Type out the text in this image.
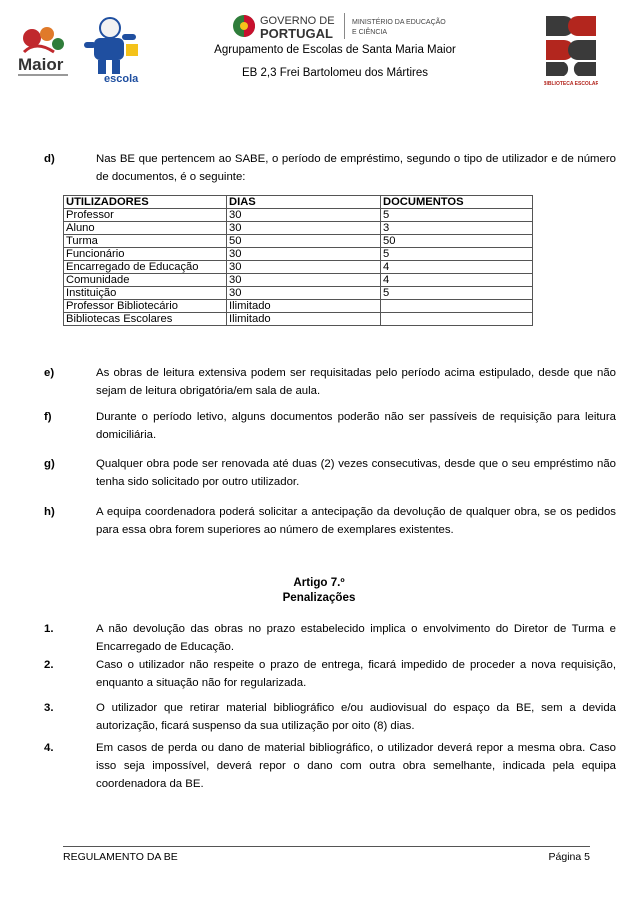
Maior
escola
GOVERNO DE
PORTUGAL
MINISTÉRIO DA EDUCAÇÃO
E CIÊNCIA
BIBLIOTECA ESCOLAR
Agrupamento de Escolas de Santa Maria Maior
EB 2,3 Frei Bartolomeu dos Mártires
d)	Nas BE que pertencem ao SABE, o período de empréstimo, segundo o tipo de utilizador e de número de documentos, é o seguinte:
UTILIZADORES	DIAS	DOCUMENTOS
Professor	30	5
Aluno	30	3
Turma	50	50
Funcionário	30	5
Encarregado de Educação	30	4
Comunidade	30	4
Instituição	30	5
Professor Bibliotecário	Ilimitado	
Bibliotecas Escolares	Ilimitado	
e)	As obras de leitura extensiva podem ser requisitadas pelo período acima estipulado, desde que não sejam de leitura obrigatória/em sala de aula.
f)	Durante o período letivo, alguns documentos poderão não ser passíveis de requisição para leitura domiciliária.
g)	Qualquer obra pode ser renovada até duas (2) vezes consecutivas, desde que o seu empréstimo não tenha sido solicitado por outro utilizador.
h)	A equipa coordenadora poderá solicitar a antecipação da devolução de qualquer obra, se os pedidos para essa obra forem superiores ao número de exemplares existentes.
Artigo 7.º
Penalizações
1.	A não devolução das obras no prazo estabelecido implica o envolvimento do Diretor de Turma e Encarregado de Educação.
2.	Caso o utilizador não respeite o prazo de entrega, ficará impedido de proceder a nova requisição, enquanto a situação não for regularizada.
3.	O utilizador que retirar material bibliográfico e/ou audiovisual do espaço da BE, sem a devida autorização, ficará suspenso da sua utilização por oito (8) dias.
4.	Em casos de perda ou dano de material bibliográfico, o utilizador deverá repor a mesma obra. Caso isso seja impossível, deverá repor o dano com outra obra semelhante, indicada pela equipa coordenadora da BE.
REGULAMENTO DA BE	Página 5
